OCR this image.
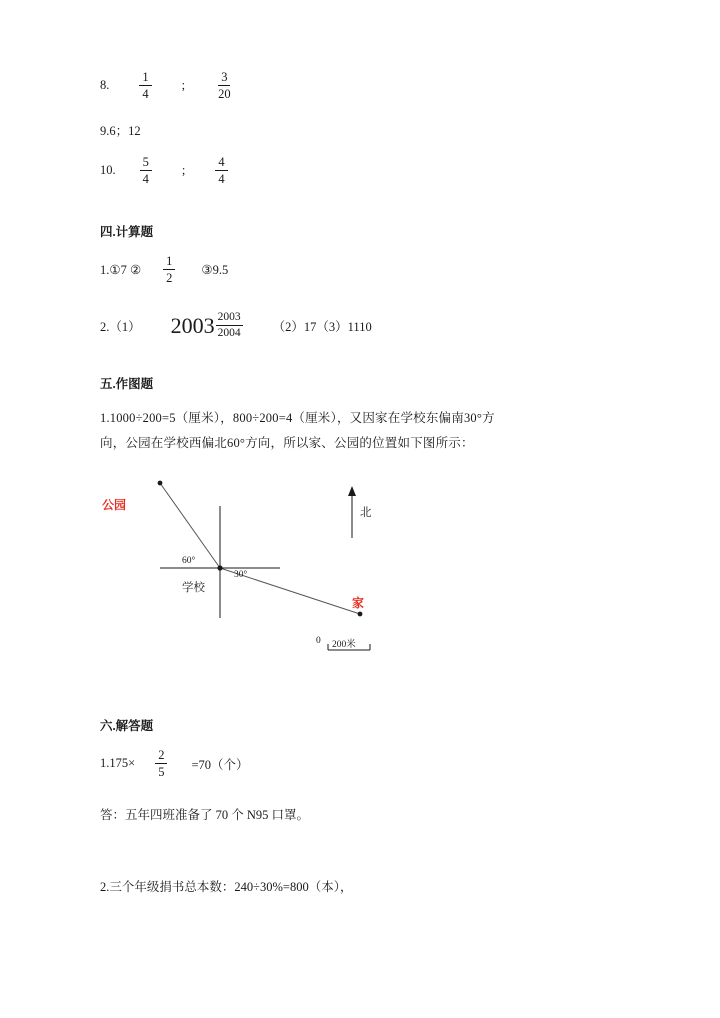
8. $\frac{1}{4}$ ; $\frac{3}{20}$

9.6；12

10. $\frac{5}{4}$ ; $\frac{4}{4}$
四.计算题
1.①7 ② $\frac{1}{2}$ ③9.5
2.（1） $2003 \frac{2003}{2004} (2)17(3)1110$
五.作图题

1.1000÷200=5（厘米），800÷200=4（厘米），又因家在学校东偏南30°方

向，公园在学校西偏北60°方向，所以家、公园的位置如下图所示：

公园
学校
家
北
60°
30°
0 200米
六.解答题
$1.175\times \frac{2}{5} =70$（个）

答：五年四班准备了 70 个 N95 口罩。

2.三个年级捐书总本数：240÷30%=800（本），
